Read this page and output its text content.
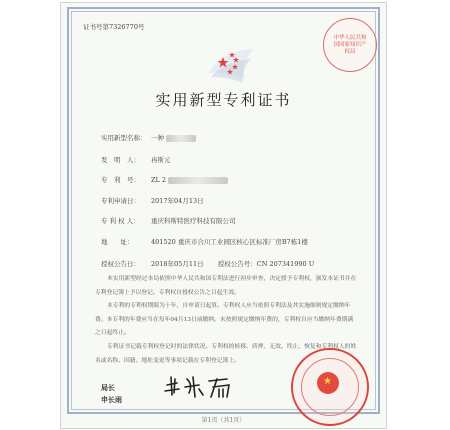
证书号第7326770号
中华人民共和国国家知识产权局
实用新型专利证书
实用新型名称： 一种
发　明　人： 冉斯元
专　利　号： ZL 2
专利申请日： 2017年04月13日
专 利 权 人： 重庆科斯特医疗科技有限公司
地　　址：	401520 重庆市合川工业园区核心区标准厂房B7栋1楼
授权公告日： 2018年05月11日 授权公告号：CN 207341990 U
本实用新型经过本局依照中华人民共和国专利法进行初步审查，决定授予专利权，颁发本证书并在专利登记簿上予以登记。专利权自授权公告之日起生效。
本专利的专利权期限为十年，自申请日起算。专利权人应当依照专利法及其实施细则规定缴纳年费。本专利的年费应当在每年04月13日前缴纳。未按照规定缴纳年费的，专利权自应当缴纳年费期满之日起终止。
专利证书记载专利权登记时的法律状况。专利权的转移、质押、无效、终止、恢复和专利权人的姓名或名称、国籍、地址变更等事项记载在专利登记簿上。
局长
申长雨
★
第1页（共1页）
